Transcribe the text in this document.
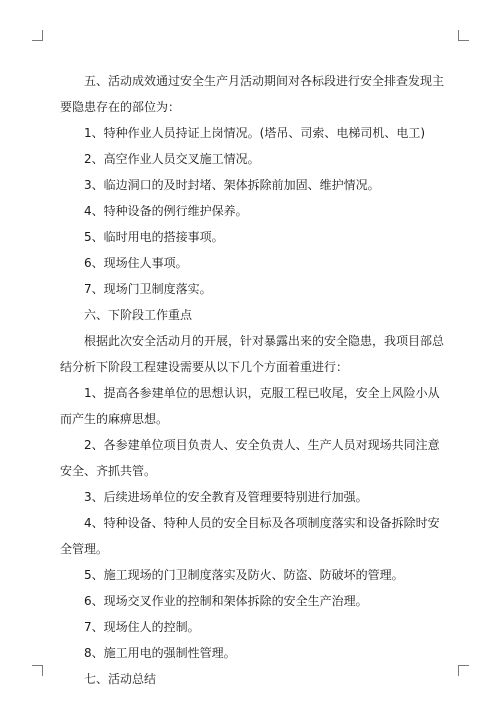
五、活动成效通过安全生产月活动期间对各标段进行安全排查发现主要隐患存在的部位为：

1、特种作业人员持证上岗情况。(塔吊、司索、电梯司机、电工)

2、高空作业人员交叉施工情况。

3、临边洞口的及时封堵、架体拆除前加固、维护情况。

4、特种设备的例行维护保养。

5、临时用电的搭接事项。

6、现场住人事项。

7、现场门卫制度落实。

六、下阶段工作重点

根据此次安全活动月的开展，针对暴露出来的安全隐患，我项目部总结分析下阶段工程建设需要从以下几个方面着重进行：

1、提高各参建单位的思想认识，克服工程已收尾，安全上风险小从而产生的麻痹思想。

2、各参建单位项目负责人、安全负责人、生产人员对现场共同注意安全、齐抓共管。

3、后续进场单位的安全教育及管理要特别进行加强。

4、特种设备、特种人员的安全目标及各项制度落实和设备拆除时安全管理。

5、施工现场的门卫制度落实及防火、防盗、防破坏的管理。

6、现场交叉作业的控制和架体拆除的安全生产治理。

7、现场住人的控制。

8、施工用电的强制性管理。

七、活动总结
